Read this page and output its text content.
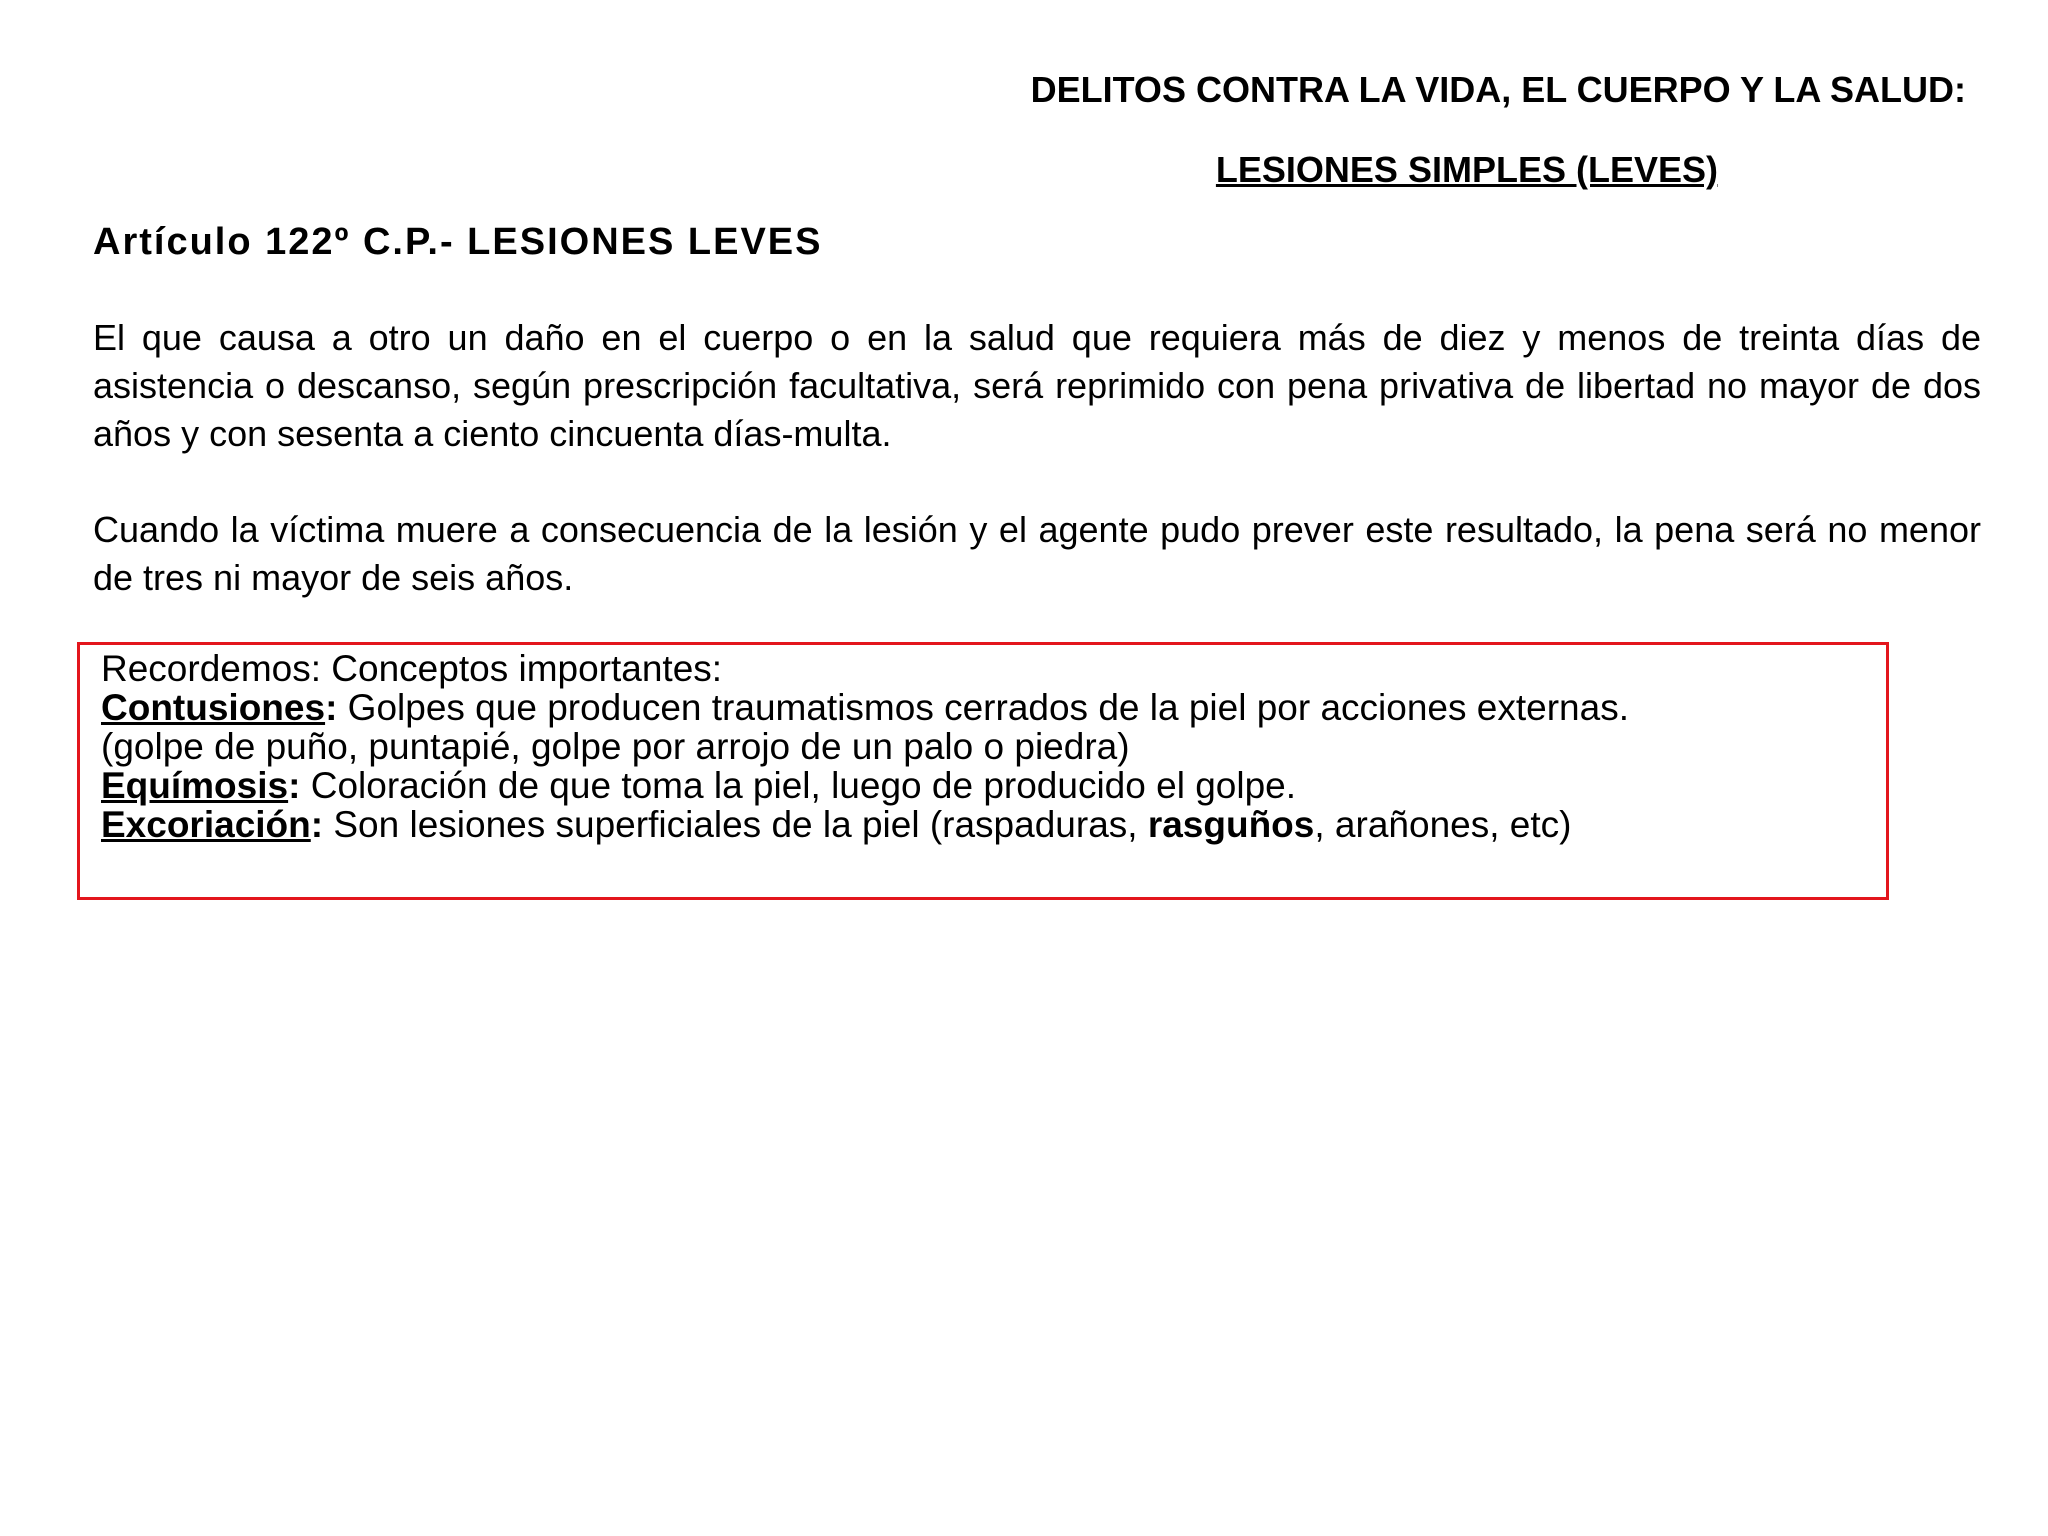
DELITOS CONTRA LA VIDA, EL CUERPO Y LA SALUD:
LESIONES SIMPLES (LEVES)
Artículo 122º C.P.- LESIONES LEVES

El que causa a otro un daño en el cuerpo o en la salud que requiera más de diez y menos de treinta días de asistencia o descanso, según prescripción facultativa, será reprimido con pena privativa de libertad no mayor de dos años y con sesenta a ciento cincuenta días-multa.

Cuando la víctima muere a consecuencia de la lesión y el agente pudo prever este resultado, la pena será no menor de tres ni mayor de seis años.

Recordemos: Conceptos importantes:

Contusiones: Golpes que producen traumatismos cerrados de la piel por acciones externas.

(golpe de puño, puntapié, golpe por arrojo de un palo o piedra)

Equímosis: Coloración de que toma la piel, luego de producido el golpe.

Excoriación: Son lesiones superficiales de la piel (raspaduras, rasguños, arañones, etc)
